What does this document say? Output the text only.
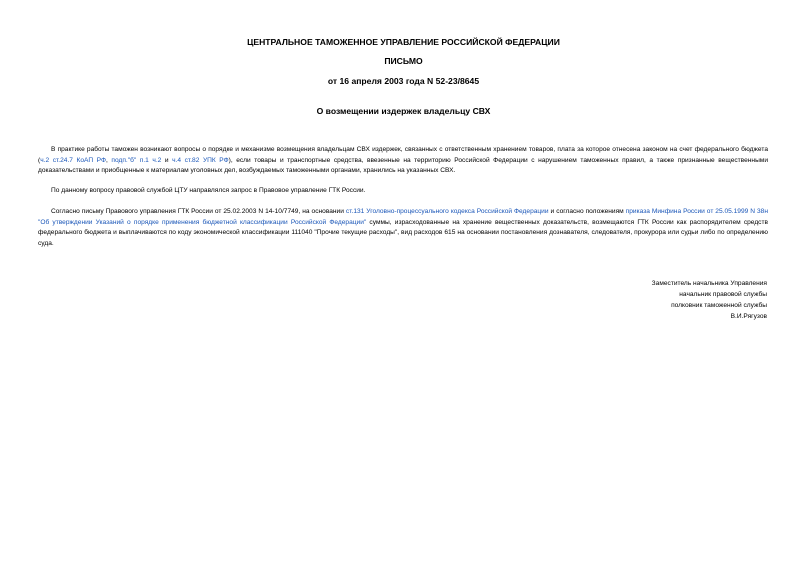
ЦЕНТРАЛЬНОЕ ТАМОЖЕННОЕ УПРАВЛЕНИЕ РОССИЙСКОЙ ФЕДЕРАЦИИ
ПИСЬМО
от 16 апреля 2003 года N 52-23/8645
О возмещении издержек владельцу СВХ
В практике работы таможен возникают вопросы о порядке и механизме возмещения владельцам СВХ издержек, связанных с ответственным хранением товаров, плата за которое отнесена законом на счет федерального бюджета (ч.2 ст.24.7 КоАП РФ, подп."б" п.1 ч.2 и ч.4 ст.82 УПК РФ), если товары и транспортные средства, ввезенные на территорию Российской Федерации с нарушением таможенных правил, а также признанные вещественными доказательствами и приобщенные к материалам уголовных дел, возбуждаемых таможенными органами, хранились на указанных СВХ.
По данному вопросу правовой службой ЦТУ направлялся запрос в Правовое управление ГТК России.
Согласно письму Правового управления ГТК России от 25.02.2003 N 14-10/7749, на основании ст.131 Уголовно-процессуального кодекса Российской Федерации и согласно положениям приказа Минфина России от 25.05.1999 N 38н "Об утверждении Указаний о порядке применения бюджетной классификации Российской Федерации" суммы, израсходованные на хранение вещественных доказательств, возмещаются ГТК России как распорядителем средств федерального бюджета и выплачиваются по коду экономической классификации 111040 "Прочие текущие расходы", вид расходов 615 на основании постановления дознавателя, следователя, прокурора или судьи либо по определению суда.
Заместитель начальника Управления
начальник правовой службы
полковник таможенной службы
В.И.Рягузов
